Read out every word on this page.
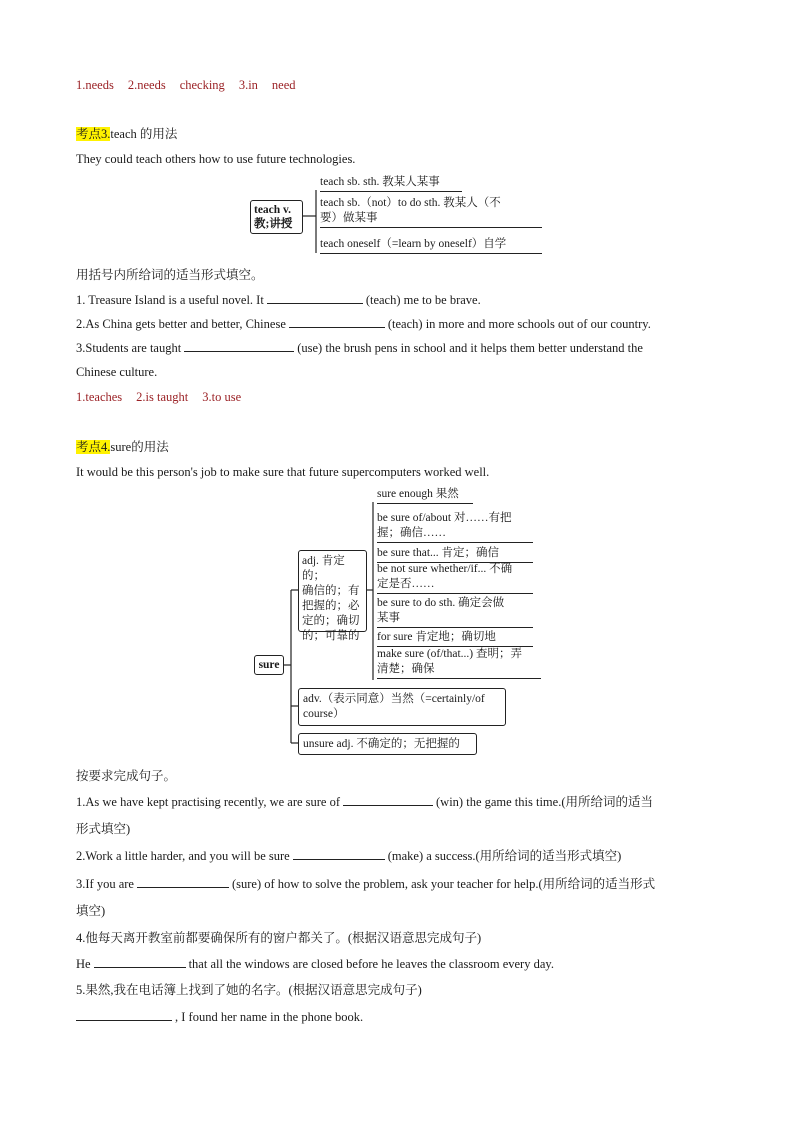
1.needs 2.needs checking 3.in need
考点3.teach 的用法
They could teach others how to use future technologies.
teach v.
教;讲授
teach sb. sth. 教某人某事
teach sb.（not）to do sth. 教某人（不
要）做某事
teach oneself（=learn by oneself）自学
用括号内所给词的适当形式填空。
1. Treasure Island is a useful novel. It	(teach) me to be brave.
2.As China gets better and better, Chinese	(teach) in more and more schools out of our country.
3.Students are taught	(use) the brush pens in school and it helps them better understand the
Chinese culture.
1.teaches 2.is taught 3.to use
考点4.sure的用法
It would be this person's job to make sure that future supercomputers worked well.
sure
adj. 肯定的；
确信的；有
把握的；必
定的；确切
的；可靠的
sure enough 果然
be sure of/about 对……有把
握；确信……
be sure that... 肯定；确信
be not sure whether/if... 不确
定是否……
be sure to do sth. 确定会做
某事
for sure 肯定地；确切地
make sure (of/that...) 查明；弄
清楚；确保
adv.（表示同意）当然（=certainly/of
course）
unsure adj. 不确定的；无把握的
按要求完成句子。
1.As we have kept practising recently, we are sure of	(win) the game this time.(用所给词的适当
形式填空)
2.Work a little harder, and you will be sure	(make) a success.(用所给词的适当形式填空)
3.If you are	(sure) of how to solve the problem, ask your teacher for help.(用所给词的适当形式
填空)
4.他每天离开教室前都要确保所有的窗户都关了。(根据汉语意思完成句子)
He	that all the windows are closed before he leaves the classroom every day.
5.果然,我在电话簿上找到了她的名字。(根据汉语意思完成句子)
, I found her name in the phone book.
